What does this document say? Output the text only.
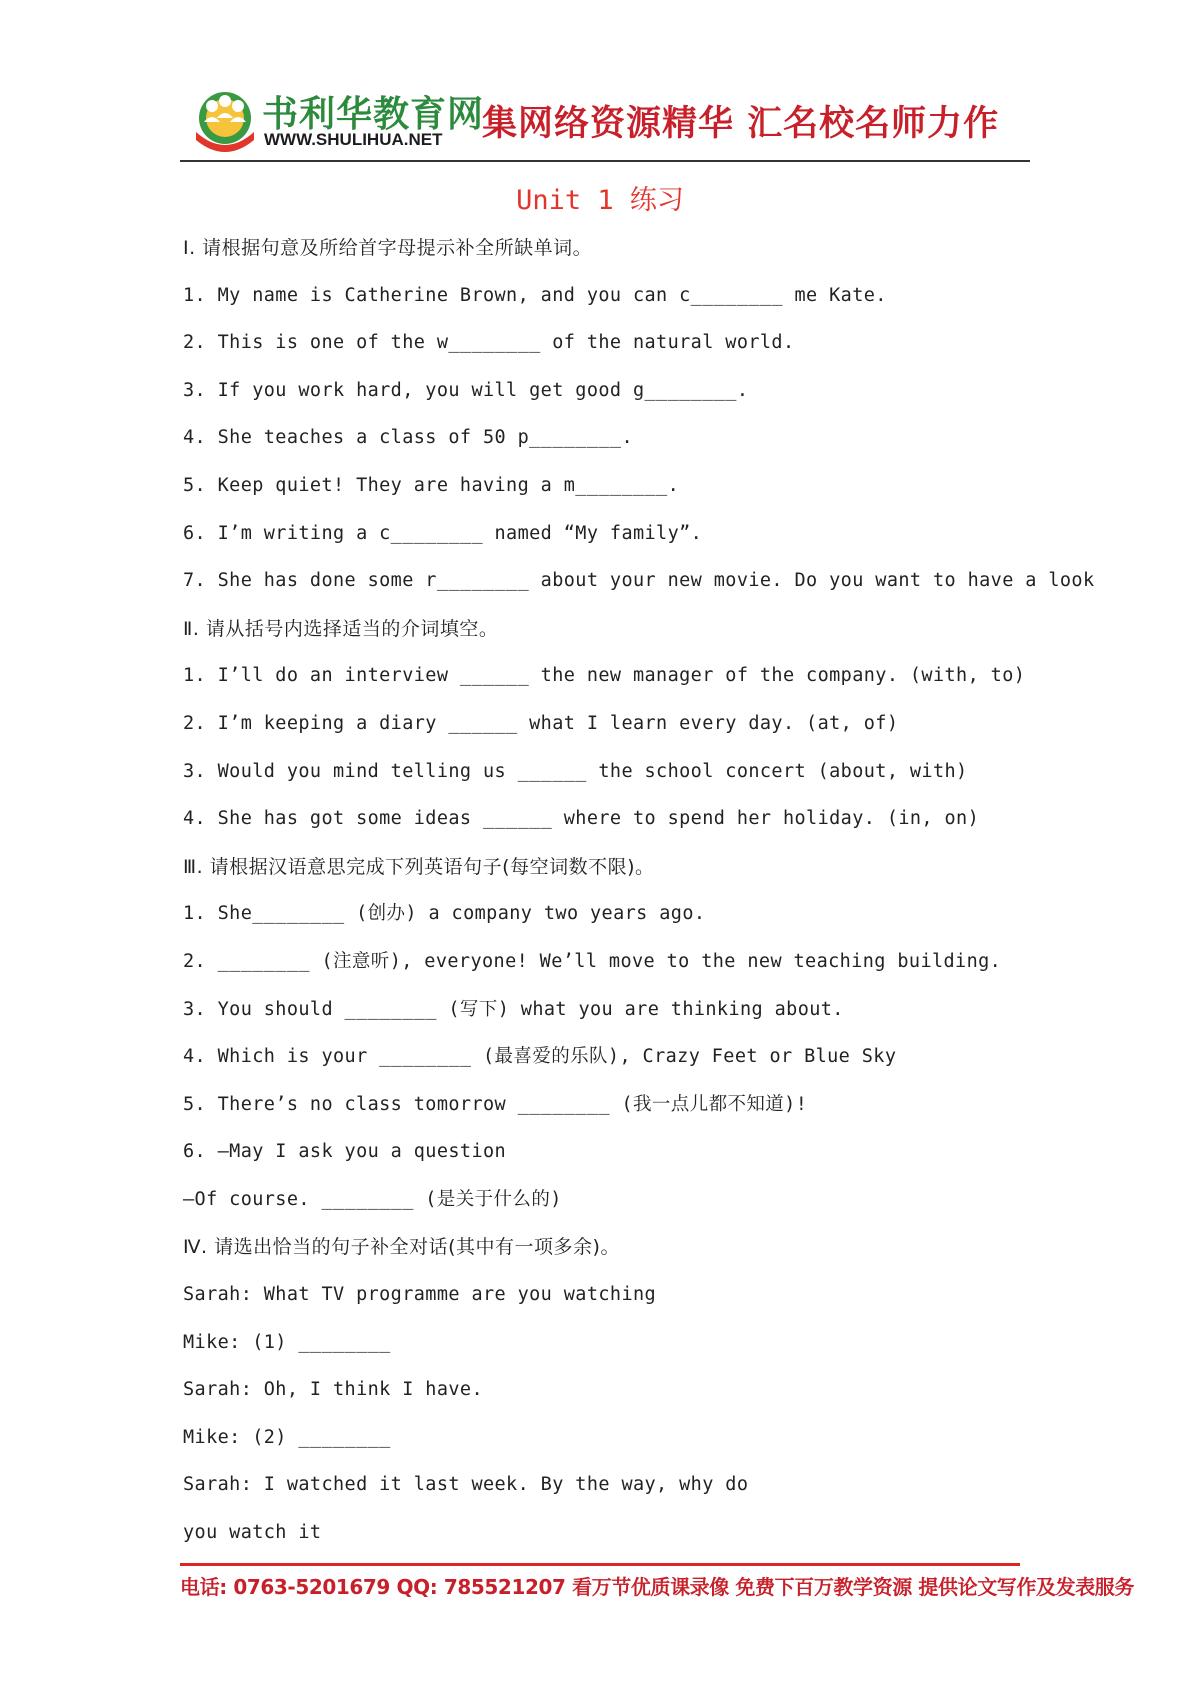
书利华教育网
WWW.SHULIHUA.NET 集网络资源精华 汇名校名师力作
Unit 1 练习
Ⅰ. 请根据句意及所给首字母提示补全所缺单词。
1. My name is Catherine Brown, and you can c________ me Kate.
2. This is one of the w________ of the natural world.
3. If you work hard, you will get good g________.
4. She teaches a class of 50 p________.
5. Keep quiet! They are having a m________.
6. I’m writing a c________ named “My family”.
7. She has done some r________ about your new movie. Do you want to have a look
Ⅱ. 请从括号内选择适当的介词填空。
1. I’ll do an interview ______ the new manager of the company. (with, to)
2. I’m keeping a diary ______ what I learn every day. (at, of)
3. Would you mind telling us ______ the school concert (about, with)
4. She has got some ideas ______ where to spend her holiday. (in, on)
Ⅲ. 请根据汉语意思完成下列英语句子(每空词数不限)。
1. She________ (创办) a company two years ago.
2. ________ (注意听), everyone! We’ll move to the new teaching building.
3. You should ________ (写下) what you are thinking about.
4. Which is your ________ (最喜爱的乐队), Crazy Feet or Blue Sky
5. There’s no class tomorrow ________ (我一点儿都不知道)!
6. —May I ask you a question
—Of course. ________ (是关于什么的)
Ⅳ. 请选出恰当的句子补全对话(其中有一项多余)。
Sarah: What TV programme are you watching
Mike: (1) ________
Sarah: Oh, I think I have.
Mike: (2) ________
Sarah: I watched it last week. By the way, why do
you watch it
电话: 0763-5201679 QQ: 785521207 看万节优质课录像 免费下百万教学资源 提供论文写作及发表服务
